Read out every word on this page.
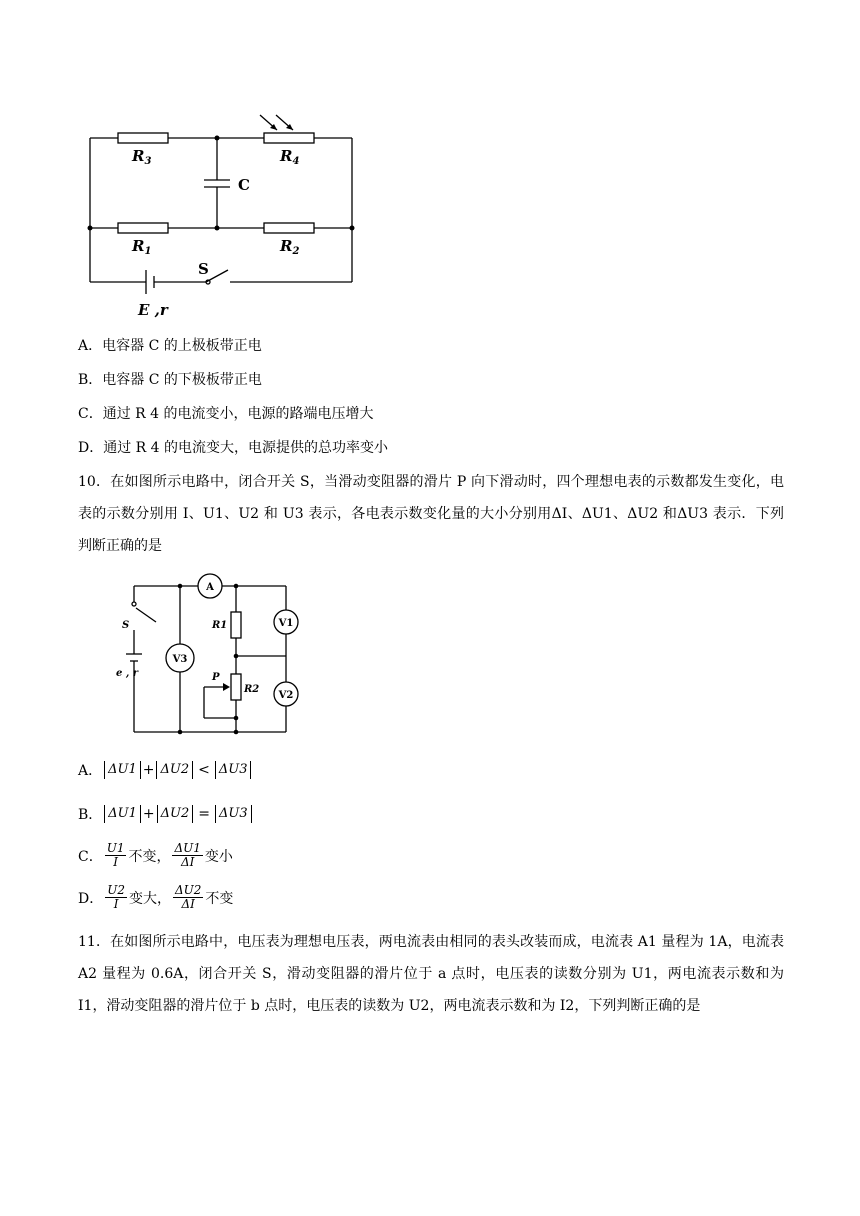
$R_3$	$R_4$
$R_1$	$R_2$
E ,r
C
S
A．电容器 C 的上极板带正电
B．电容器 C 的下极板带正电
C．通过 R 4 的电流变小，电源的路端电压增大
D．通过 R 4 的电流变大，电源提供的总功率变小
10．在如图所示电路中，闭合开关 S，当滑动变阻器的滑片 P 向下滑动时，四个理想电表的示数都发生变化，电表的示数分别用 I、U1、U2 和 U3 表示，各电表示数变化量的大小分别用ΔI、ΔU1、ΔU2 和ΔU3 表示．下列判断正确的是
A
V3
V1
V2
S
e , r
R1
R2
P
A． ΔU1 + ΔU2 < ΔU3
B． ΔU1 + ΔU2 = ΔU3
C． $\frac{U1}{I}$ 不变， $\frac{\Delta U1}{\Delta I}$ 变小
D． $\frac{U2}{I}$ 变大， $\frac{\Delta U2}{\Delta I}$ 不变
11．在如图所示电路中，电压表为理想电压表，两电流表由相同的表头改装而成，电流表 A1 量程为 1A，电流表 A2 量程为 0.6A，闭合开关 S，滑动变阻器的滑片位于 a 点时，电压表的读数分别为 U1，两电流表示数和为 I1，滑动变阻器的滑片位于 b 点时，电压表的读数为 U2，两电流表示数和为 I2，下列判断正确的是
